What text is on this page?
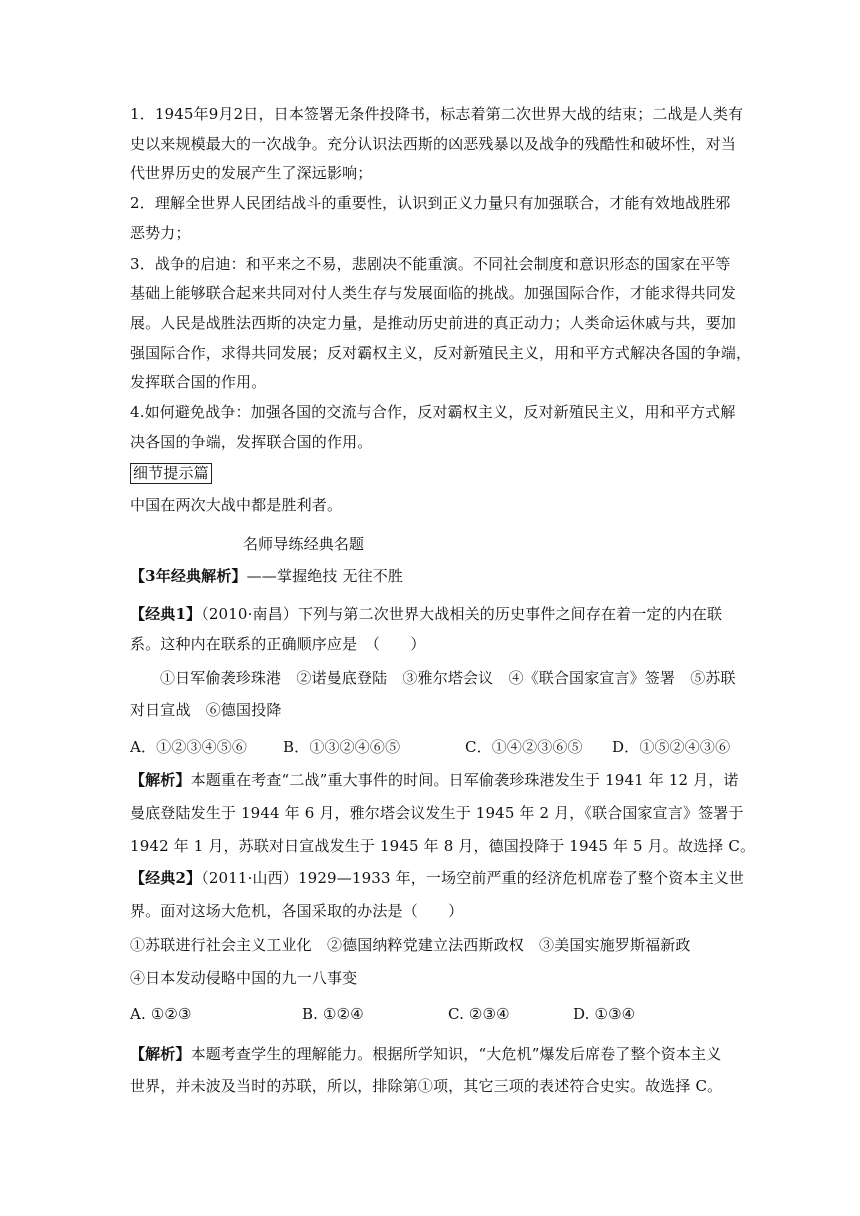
1．1945年9月2日，日本签署无条件投降书，标志着第二次世界大战的结束；二战是人类有
史以来规模最大的一次战争。充分认识法西斯的凶恶残暴以及战争的残酷性和破坏性，对当
代世界历史的发展产生了深远影响；
2．理解全世界人民团结战斗的重要性，认识到正义力量只有加强联合，才能有效地战胜邪
恶势力；
3．战争的启迪：和平来之不易，悲剧决不能重演。不同社会制度和意识形态的国家在平等
基础上能够联合起来共同对付人类生存与发展面临的挑战。加强国际合作，才能求得共同发
展。人民是战胜法西斯的决定力量，是推动历史前进的真正动力；人类命运休戚与共，要加
强国际合作，求得共同发展；反对霸权主义，反对新殖民主义，用和平方式解决各国的争端，
发挥联合国的作用。
4.如何避免战争：加强各国的交流与合作，反对霸权主义，反对新殖民主义，用和平方式解
决各国的争端，发挥联合国的作用。
细节提示篇
中国在两次大战中都是胜利者。
名师导练经典名题
【3年经典解析】——掌握绝技 无往不胜
【经典1】（2010·南昌）下列与第二次世界大战相关的历史事件之间存在着一定的内在联
系。这种内在联系的正确顺序应是　（　　）
①日军偷袭珍珠港　②诺曼底登陆　③雅尔塔会议　④《联合国家宣言》签署　⑤苏联
对日宣战　⑥德国投降
A．①②③④⑤⑥ B．①③②④⑥⑤	C．①④②③⑥⑤ D．①⑤②④③⑥
【解析】本题重在考查“二战”重大事件的时间。日军偷袭珍珠港发生于 1941 年 12 月，诺
曼底登陆发生于 1944 年 6 月，雅尔塔会议发生于 1945 年 2 月，《联合国家宣言》签署于
1942 年 1 月，苏联对日宣战发生于 1945 年 8 月，德国投降于 1945 年 5 月。故选择 C。
【经典2】（2011·山西）1929—1933 年，一场空前严重的经济危机席卷了整个资本主义世
界。面对这场大危机，各国采取的办法是（　　）
①苏联进行社会主义工业化　②德国纳粹党建立法西斯政权　③美国实施罗斯福新政
④日本发动侵略中国的九一八事变
A. ①②③	B. ①②④	C. ②③④	D. ①③④
【解析】本题考查学生的理解能力。根据所学知识，“大危机”爆发后席卷了整个资本主义
世界，并未波及当时的苏联，所以，排除第①项，其它三项的表述符合史实。故选择 C。
